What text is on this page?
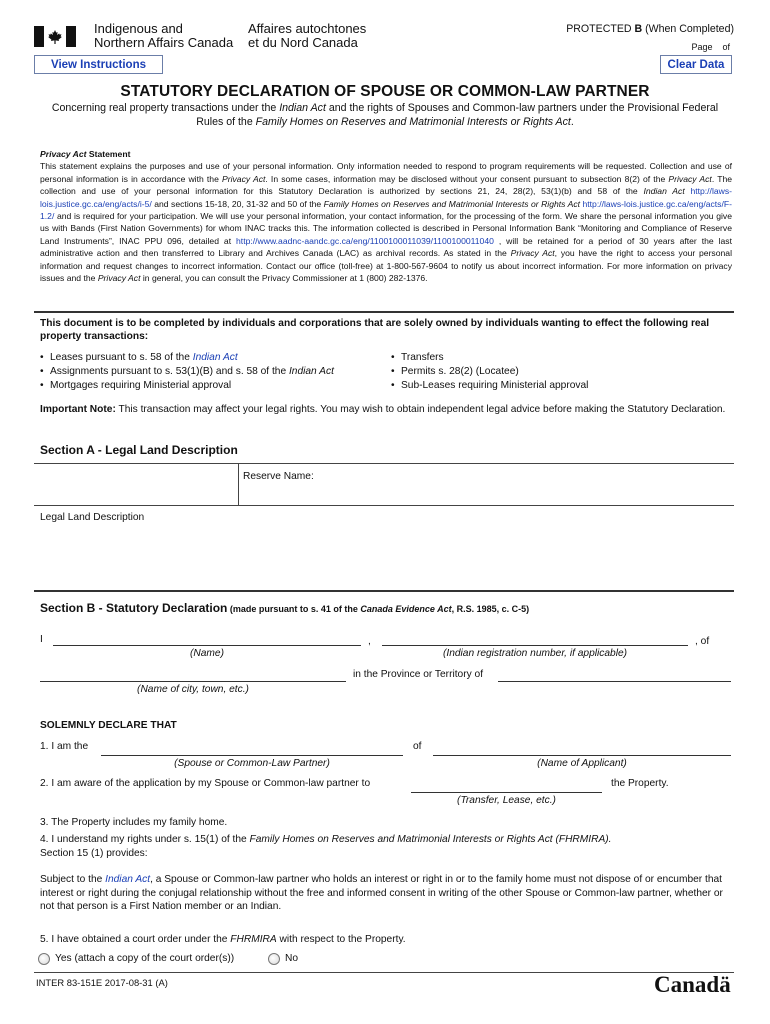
Indigenous and
Northern Affairs Canada
Affaires autochtones
et du Nord Canada
PROTECTED B (When Completed)
Page    of
View Instructions	Clear Data
STATUTORY DECLARATION OF SPOUSE OR COMMON-LAW PARTNER
Concerning real property transactions under the Indian Act and the rights of Spouses and Common-law partners under the Provisional Federal Rules of the Family Homes on Reserves and Matrimonial Interests or Rights Act.

Privacy Act Statement

This statement explains the purposes and use of your personal information. Only information needed to respond to program requirements will be requested. Collection and use of personal information is in accordance with the Privacy Act. In some cases, information may be disclosed without your consent pursuant to subsection 8(2) of the Privacy Act. The collection and use of your personal information for this Statutory Declaration is authorized by sections 21, 24, 28(2), 53(1)(b) and 58 of the Indian Act http://laws-lois.justice.gc.ca/eng/acts/i-5/ and sections 15-18, 20, 31-32 and 50 of the Family Homes on Reserves and Matrimonial Interests or Rights Act http://laws-lois.justice.gc.ca/eng/acts/F-1.2/ and is required for your participation. We will use your personal information, your contact information, for the processing of the form. We share the personal information you give us with Bands (First Nation Governments) for whom INAC tracks this. The information collected is described in Personal Information Bank “Monitoring and Compliance of Reserve Land Instruments”, INAC PPU 096, detailed at http://www.aadnc-aandc.gc.ca/eng/1100100011039/1100100011040 , will be retained for a period of 30 years after the last administrative action and then transferred to Library and Archives Canada (LAC) as archival records. As stated in the Privacy Act, you have the right to access your personal information and request changes to incorrect information. Contact our office (toll-free) at 1-800-567-9604 to notify us about incorrect information. For more information on privacy issues and the Privacy Act in general, you can consult the Privacy Commissioner at 1 (800) 282-1376.

This document is to be completed by individuals and corporations that are solely owned by individuals wanting to effect the following real property transactions:
• Leases pursuant to s. 58 of the Indian Act
• Assignments pursuant to s. 53(1)(B) and s. 58 of the Indian Act
• Mortgages requiring Ministerial approval
• Transfers
• Permits s. 28(2) (Locatee)
• Sub-Leases requiring Ministerial approval
Important Note: This transaction may affect your legal rights. You may wish to obtain independent legal advice before making the Statutory Declaration.
Section A - Legal Land Description
Reserve Name:
Legal Land Description
Section B - Statutory Declaration (made pursuant to s. 41 of the Canada Evidence Act, R.S. 1985, c. C-5)
I	,	, of
(Name)	(Indian registration number, if applicable)
in the Province or Territory of
(Name of city, town, etc.)
SOLEMNLY DECLARE THAT
1. I am the	of
(Spouse or Common-Law Partner)	(Name of Applicant)
2. I am aware of the application by my Spouse or Common-law partner to	the Property.
(Transfer, Lease, etc.)
3. The Property includes my family home.
4. I understand my rights under s. 15(1) of the Family Homes on Reserves and Matrimonial Interests or Rights Act (FHRMIRA).
Section 15 (1) provides:
Subject to the Indian Act, a Spouse or Common-law partner who holds an interest or right in or to the family home must not dispose of or encumber that interest or right during the conjugal relationship without the free and informed consent in writing of the other Spouse or Common-law partner, whether or not that person is a First Nation member or an Indian.
5. I have obtained a court order under the FHRMIRA with respect to the Property.
Yes (attach a copy of the court order(s))	No
INTER 83-151E 2017-08-31 (A)	Canadä
